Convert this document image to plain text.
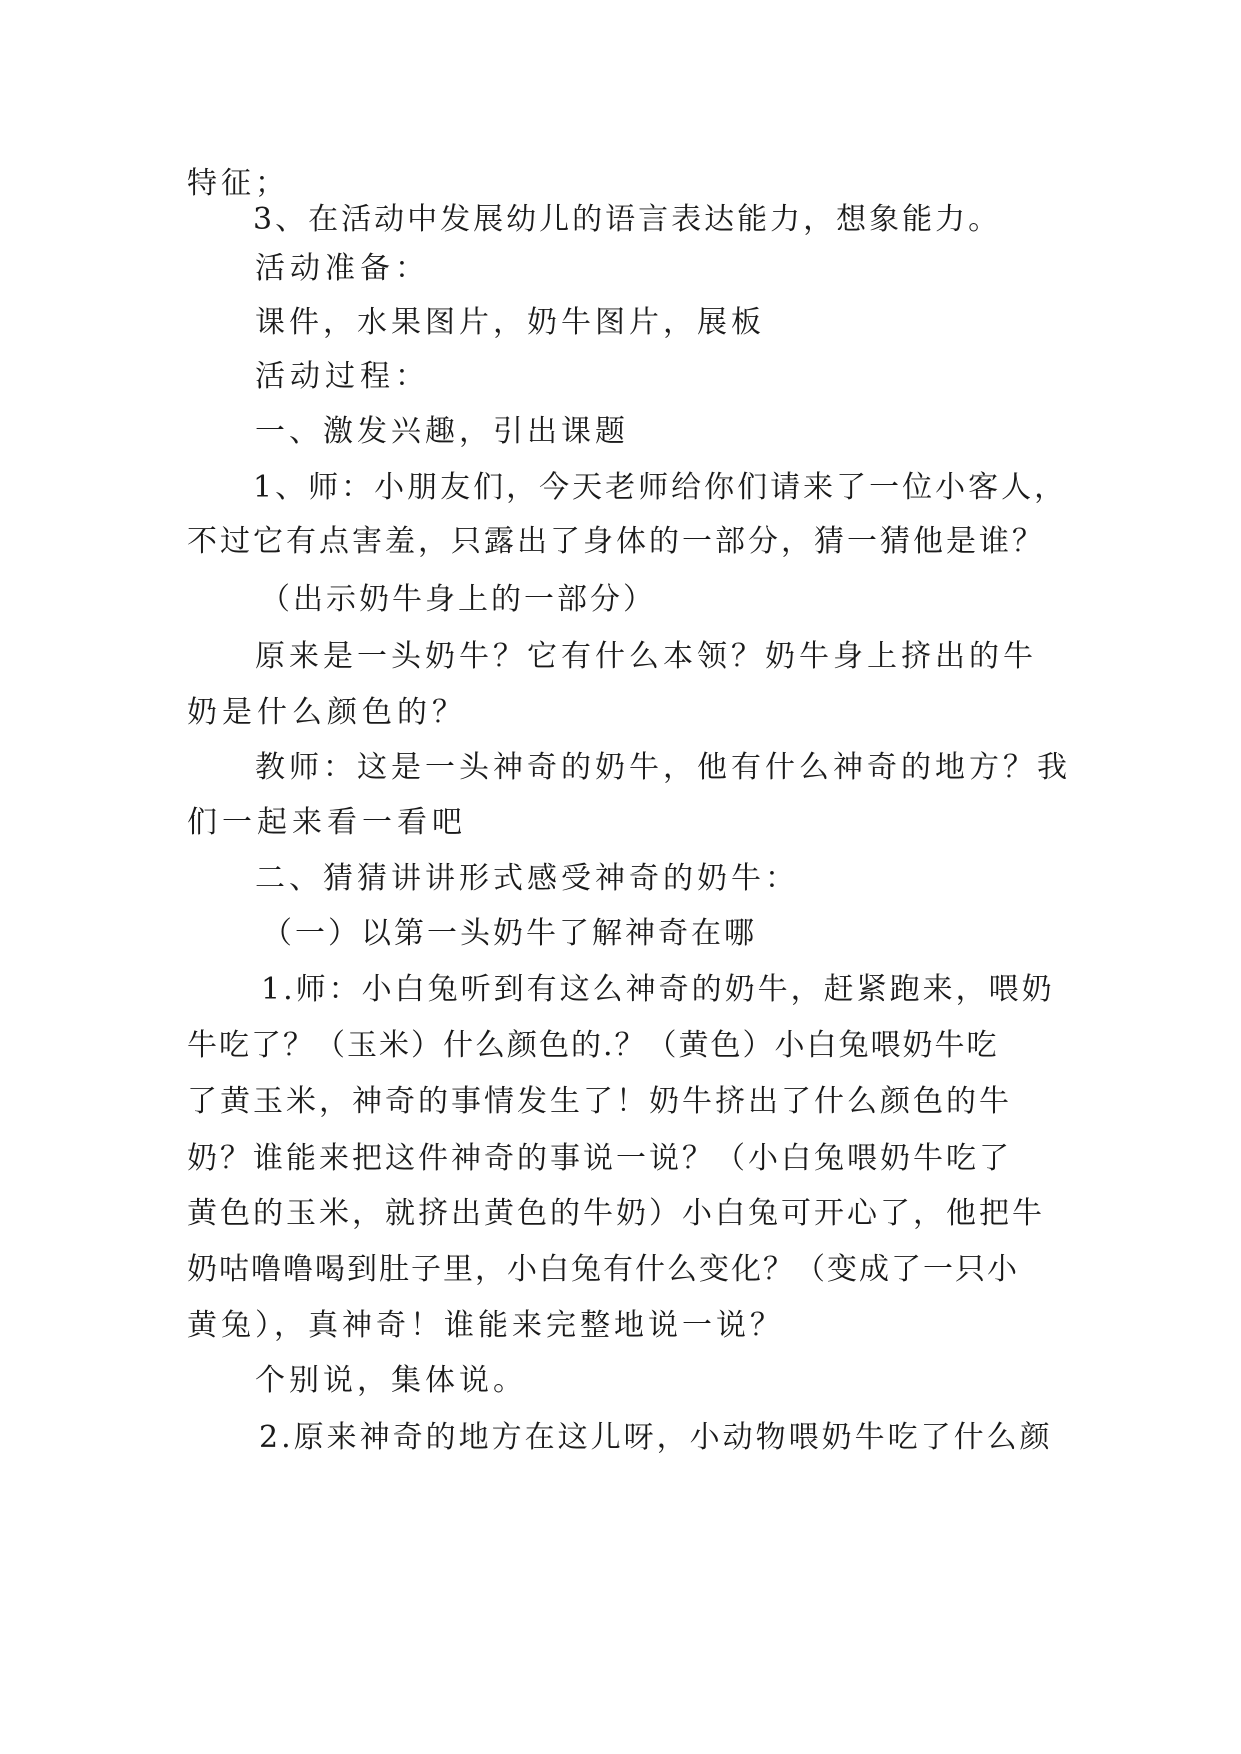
特征；
3、在活动中发展幼儿的语言表达能力，想象能力。
活动准备：
课件，水果图片，奶牛图片，展板
活动过程：
一、激发兴趣，引出课题
1、师：小朋友们，今天老师给你们请来了一位小客人，
不过它有点害羞，只露出了身体的一部分，猜一猜他是谁？
（出示奶牛身上的一部分）
原来是一头奶牛？它有什么本领？奶牛身上挤出的牛
奶是什么颜色的？
教师：这是一头神奇的奶牛，他有什么神奇的地方？我
们一起来看一看吧
二、猜猜讲讲形式感受神奇的奶牛：
（一）以第一头奶牛了解神奇在哪
1.师：小白兔听到有这么神奇的奶牛，赶紧跑来，喂奶
牛吃了？（玉米）什么颜色的.？（黄色）小白兔喂奶牛吃
了黄玉米，神奇的事情发生了！奶牛挤出了什么颜色的牛
奶？谁能来把这件神奇的事说一说？（小白兔喂奶牛吃了
黄色的玉米，就挤出黄色的牛奶）小白兔可开心了，他把牛
奶咕噜噜喝到肚子里，小白兔有什么变化？（变成了一只小
黄兔），真神奇！谁能来完整地说一说？
个别说，集体说。
2.原来神奇的地方在这儿呀，小动物喂奶牛吃了什么颜
